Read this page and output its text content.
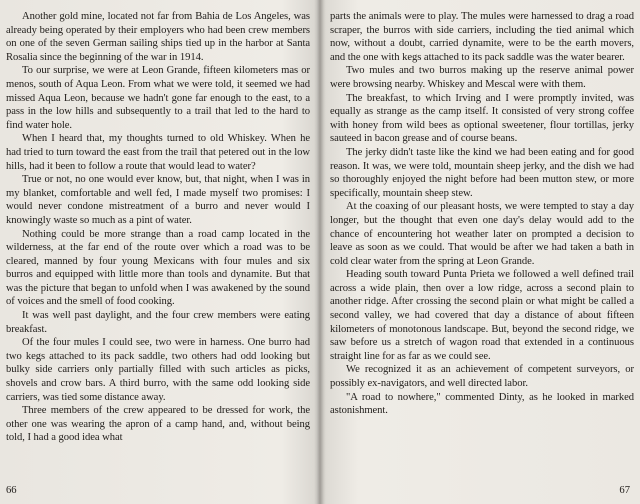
Another gold mine, located not far from Bahia de Los Angeles, was already being operated by their employers who had been crew members on one of the seven German sailing ships tied up in the harbor at Santa Rosalia since the beginning of the war in 1914.

To our surprise, we were at Leon Grande, fifteen kilometers mas or menos, south of Aqua Leon. From what we were told, it seemed we had missed Aqua Leon, because we hadn't gone far enough to the east, to a pass in the low hills and subsequently to a trail that led to the hard to find water hole.

When I heard that, my thoughts turned to old Whiskey. When he had tried to turn toward the east from the trail that petered out in the low hills, had it been to follow a route that would lead to water?

True or not, no one would ever know, but, that night, when I was in my blanket, comfortable and well fed, I made myself two promises: I would never condone mistreatment of a burro and never would I knowingly waste so much as a pint of water.

Nothing could be more strange than a road camp located in the wilderness, at the far end of the route over which a road was to be cleared, manned by four young Mexicans with four mules and six burros and equipped with little more than tools and dynamite. But that was the picture that began to unfold when I was awakened by the sound of voices and the smell of food cooking.

It was well past daylight, and the four crew members were eating breakfast.

Of the four mules I could see, two were in harness. One burro had two kegs attached to its pack saddle, two others had odd looking but bulky side carriers only partially filled with such articles as picks, shovels and crow bars. A third burro, with the same odd looking side carriers, was tied some distance away.

Three members of the crew appeared to be dressed for work, the other one was wearing the apron of a camp hand, and, without being told, I had a good idea what

66

parts the animals were to play. The mules were harnessed to drag a road scraper, the burros with side carriers, including the tied animal which now, without a doubt, carried dynamite, were to be the earth movers, and the one with kegs attached to its pack saddle was the water bearer.

Two mules and two burros making up the reserve animal power were browsing nearby. Whiskey and Mescal were with them.

The breakfast, to which Irving and I were promptly invited, was equally as strange as the camp itself. It consisted of very strong coffee with honey from wild bees as optional sweetener, flour tortillas, jerky sauteed in bacon grease and of course beans.

The jerky didn't taste like the kind we had been eating and for good reason. It was, we were told, mountain sheep jerky, and the dish we had so thoroughly enjoyed the night before had been mutton stew, or more specifically, mountain sheep stew.

At the coaxing of our pleasant hosts, we were tempted to stay a day longer, but the thought that even one day's delay would add to the chance of encountering hot weather later on prompted a decision to leave as soon as we could. That would be after we had taken a bath in cold clear water from the spring at Leon Grande.

Heading south toward Punta Prieta we followed a well defined trail across a wide plain, then over a low ridge, across a second plain to another ridge. After crossing the second plain or what might be called a second valley, we had covered that day a distance of about fifteen kilometers of monotonous landscape. But, beyond the second ridge, we saw before us a stretch of wagon road that extended in a continuous straight line for as far as we could see.

We recognized it as an achievement of competent surveyors, or possibly ex-navigators, and well directed labor.

"A road to nowhere," commented Dinty, as he looked in marked astonishment.

67
